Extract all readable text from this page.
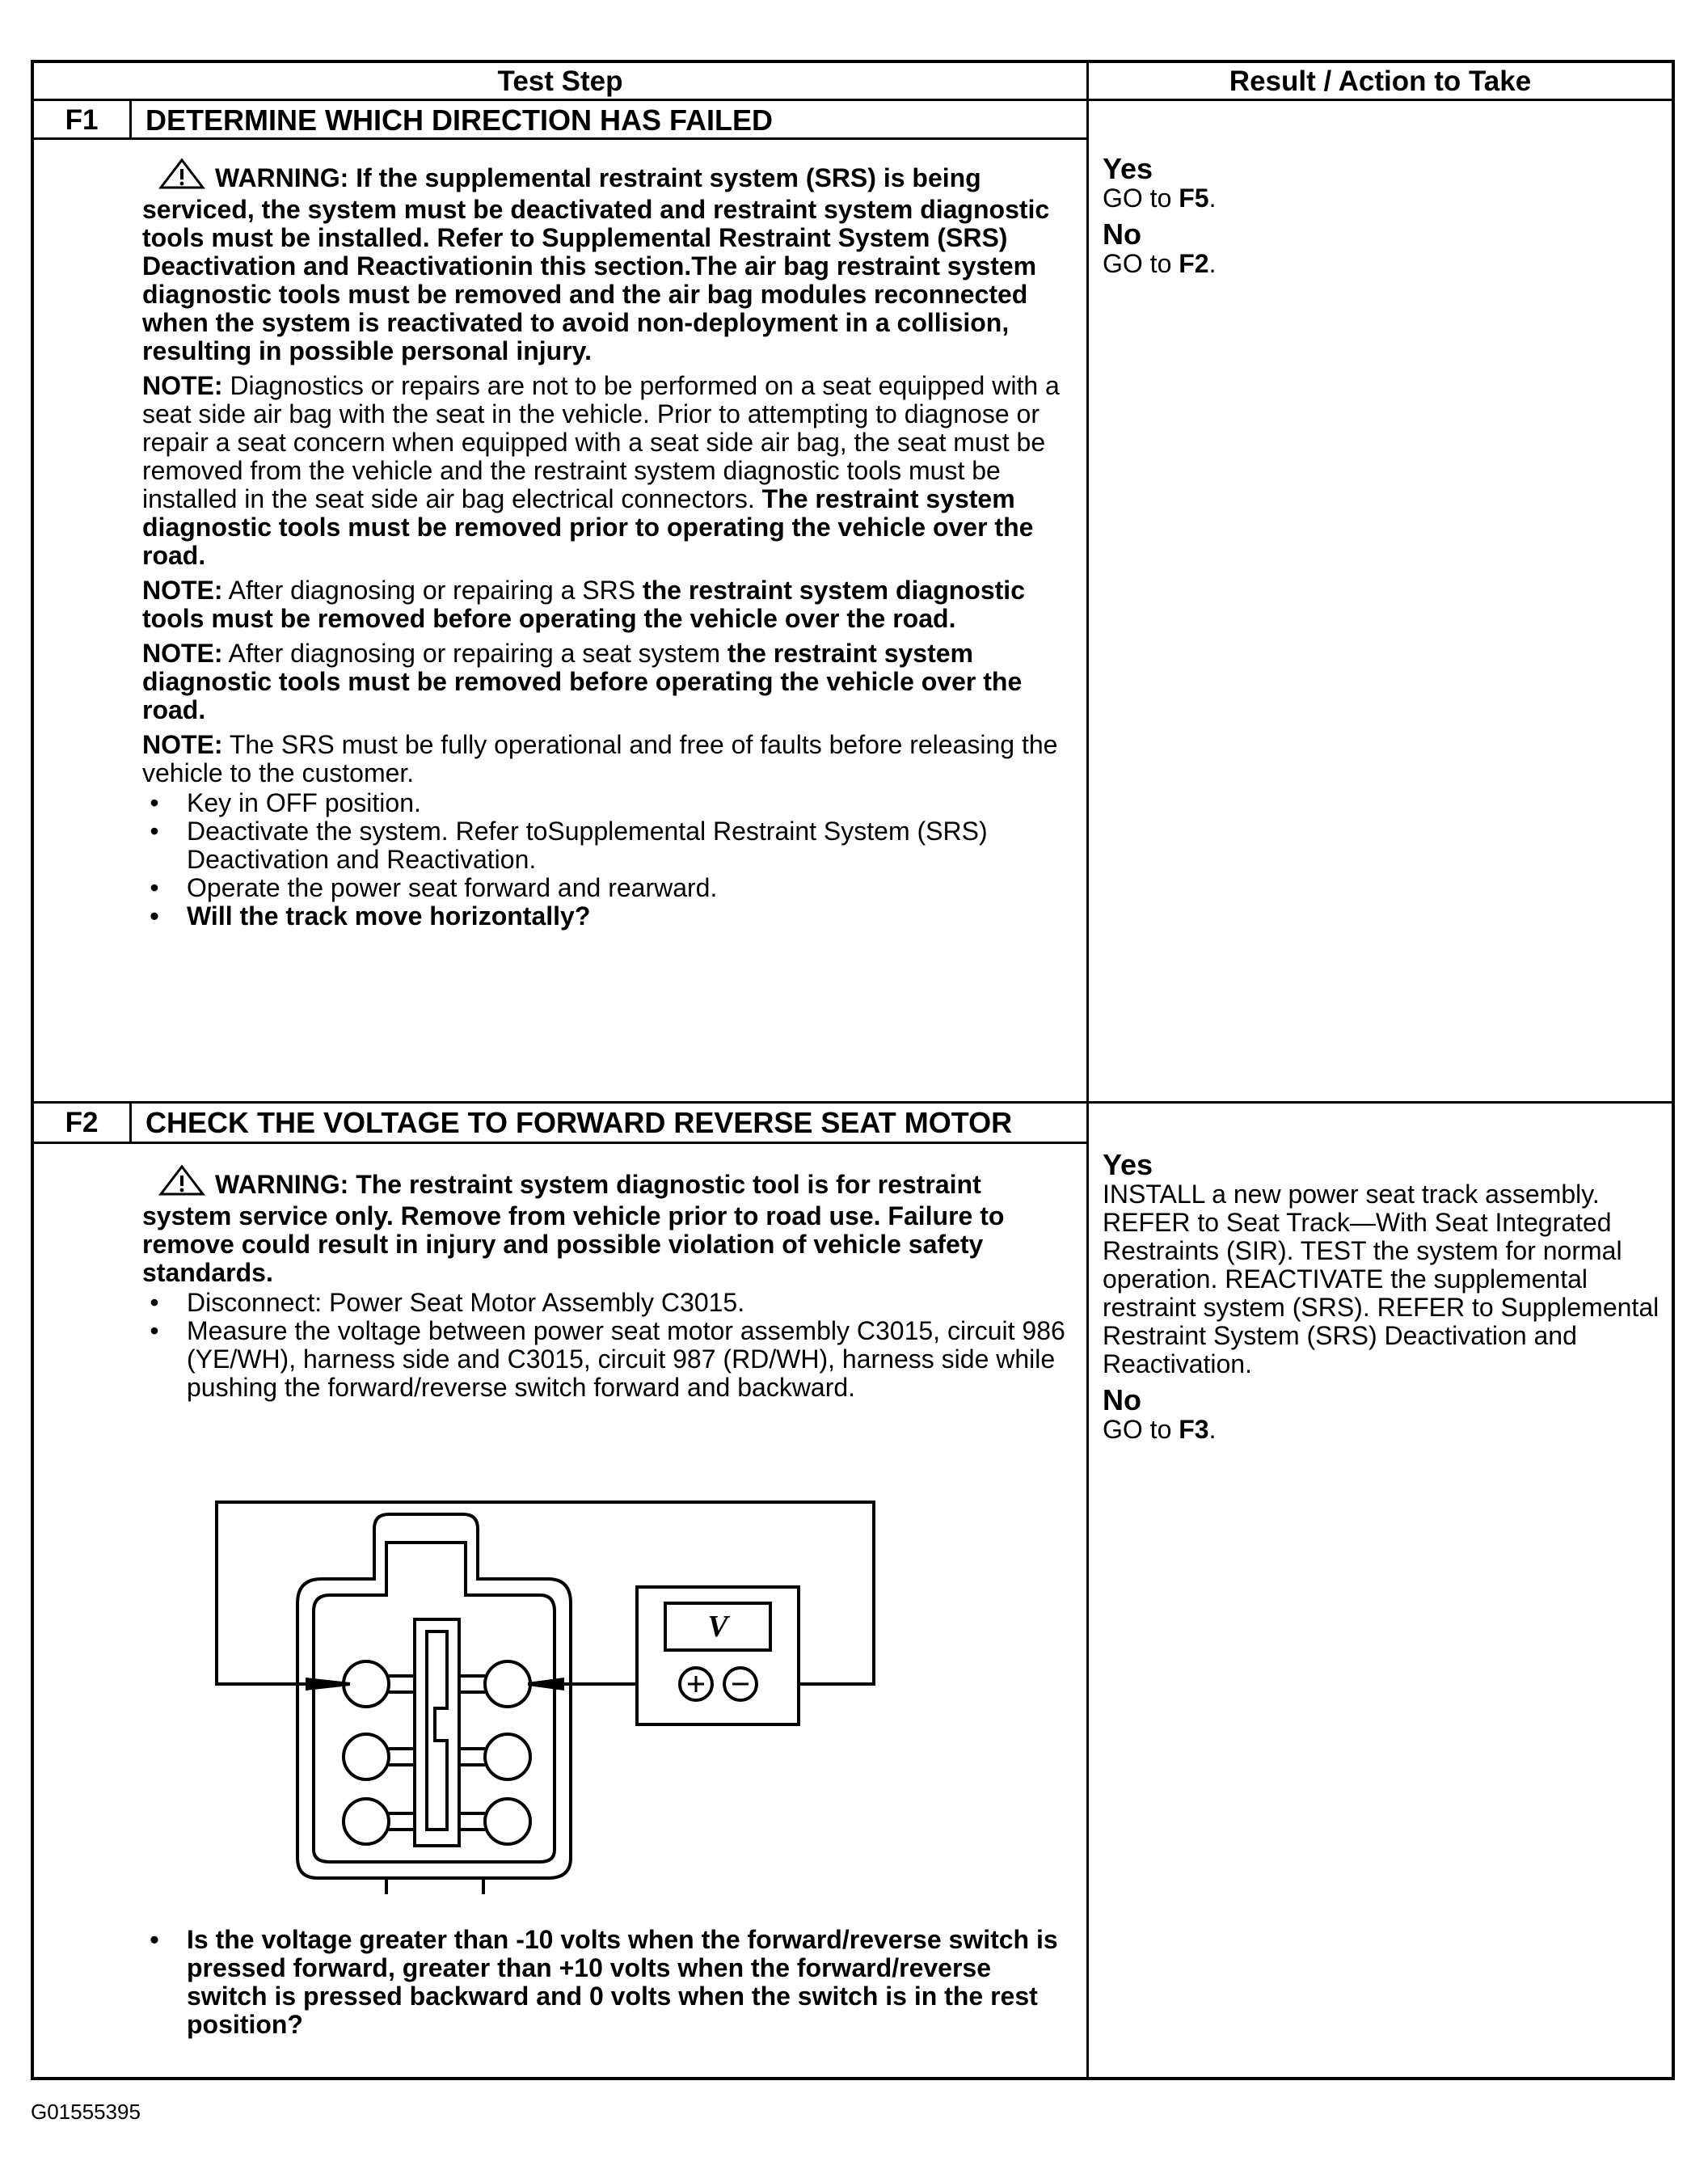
Test Step	Result / Action to Take
F1	DETERMINE WHICH DIRECTION HAS FAILED

WARNING: If the supplemental restraint system (SRS) is being serviced, the system must be deactivated and restraint system diagnostic tools must be installed. Refer to Supplemental Restraint System (SRS) Deactivation and Reactivationin this section.The air bag restraint system diagnostic tools must be removed and the air bag modules reconnected when the system is reactivated to avoid non-deployment in a collision, resulting in possible personal injury.

NOTE: Diagnostics or repairs are not to be performed on a seat equipped with a seat side air bag with the seat in the vehicle. Prior to attempting to diagnose or repair a seat concern when equipped with a seat side air bag, the seat must be removed from the vehicle and the restraint system diagnostic tools must be installed in the seat side air bag electrical connectors. The restraint system diagnostic tools must be removed prior to operating the vehicle over the road.

NOTE: After diagnosing or repairing a SRS the restraint system diagnostic tools must be removed before operating the vehicle over the road.

NOTE: After diagnosing or repairing a seat system the restraint system diagnostic tools must be removed before operating the vehicle over the road.

NOTE: The SRS must be fully operational and free of faults before releasing the vehicle to the customer.

• Key in OFF position.
• Deactivate the system. Refer toSupplemental Restraint System (SRS) Deactivation and Reactivation.
• Operate the power seat forward and rearward.
• Will the track move horizontally?

Yes

GO to F5.

No

GO to F2.

F2	CHECK THE VOLTAGE TO FORWARD REVERSE SEAT MOTOR

WARNING: The restraint system diagnostic tool is for restraint system service only. Remove from vehicle prior to road use. Failure to remove could result in injury and possible violation of vehicle safety standards.

• Disconnect: Power Seat Motor Assembly C3015.
• Measure the voltage between power seat motor assembly C3015, circuit 986 (YE/WH), harness side and C3015, circuit 987 (RD/WH), harness side while pushing the forward/reverse switch forward and backward.
• Is the voltage greater than -10 volts when the forward/reverse switch is pressed forward, greater than +10 volts when the forward/reverse switch is pressed backward and 0 volts when the switch is in the rest position?

Yes

INSTALL a new power seat track assembly. REFER to Seat Track—With Seat Integrated Restraints (SIR). TEST the system for normal operation. REACTIVATE the supplemental restraint system (SRS). REFER to Supplemental Restraint System (SRS) Deactivation and Reactivation.

No

GO to F3.

V
G01555395
